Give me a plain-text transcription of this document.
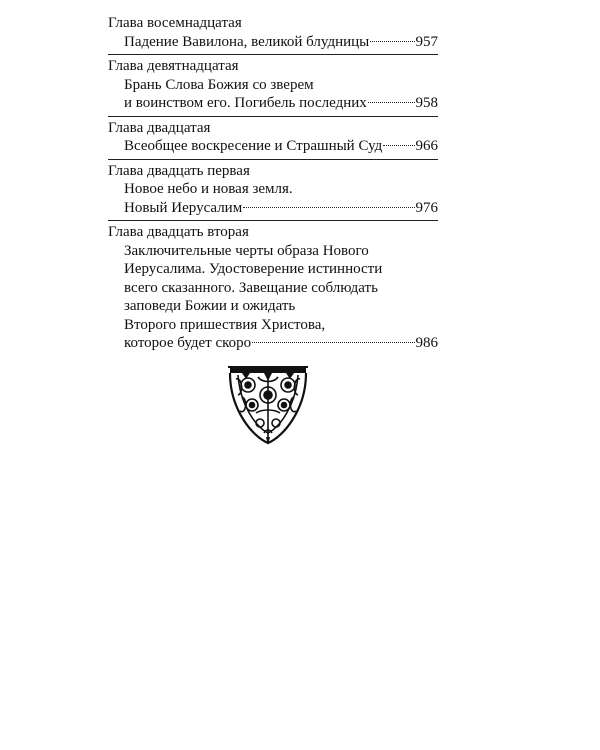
Глава восемнадцатая
Падение Вавилона, великой блудницы	957
Глава девятнадцатая
Брань Слова Божия со зверем
и воинством его. Погибель последних	958
Глава двадцатая
Всеобщее воскресение и Страшный Суд 966
Глава двадцать первая
Новое небо и новая земля.
Новый Иерусалим	976
Глава двадцать вторая
Заключительные черты образа Нового
Иерусалима. Удостоверение истинности
всего сказанного. Завещание соблюдать
заповеди Божии и ожидать
Второго пришествия Христова,
которое будет скоро	986
